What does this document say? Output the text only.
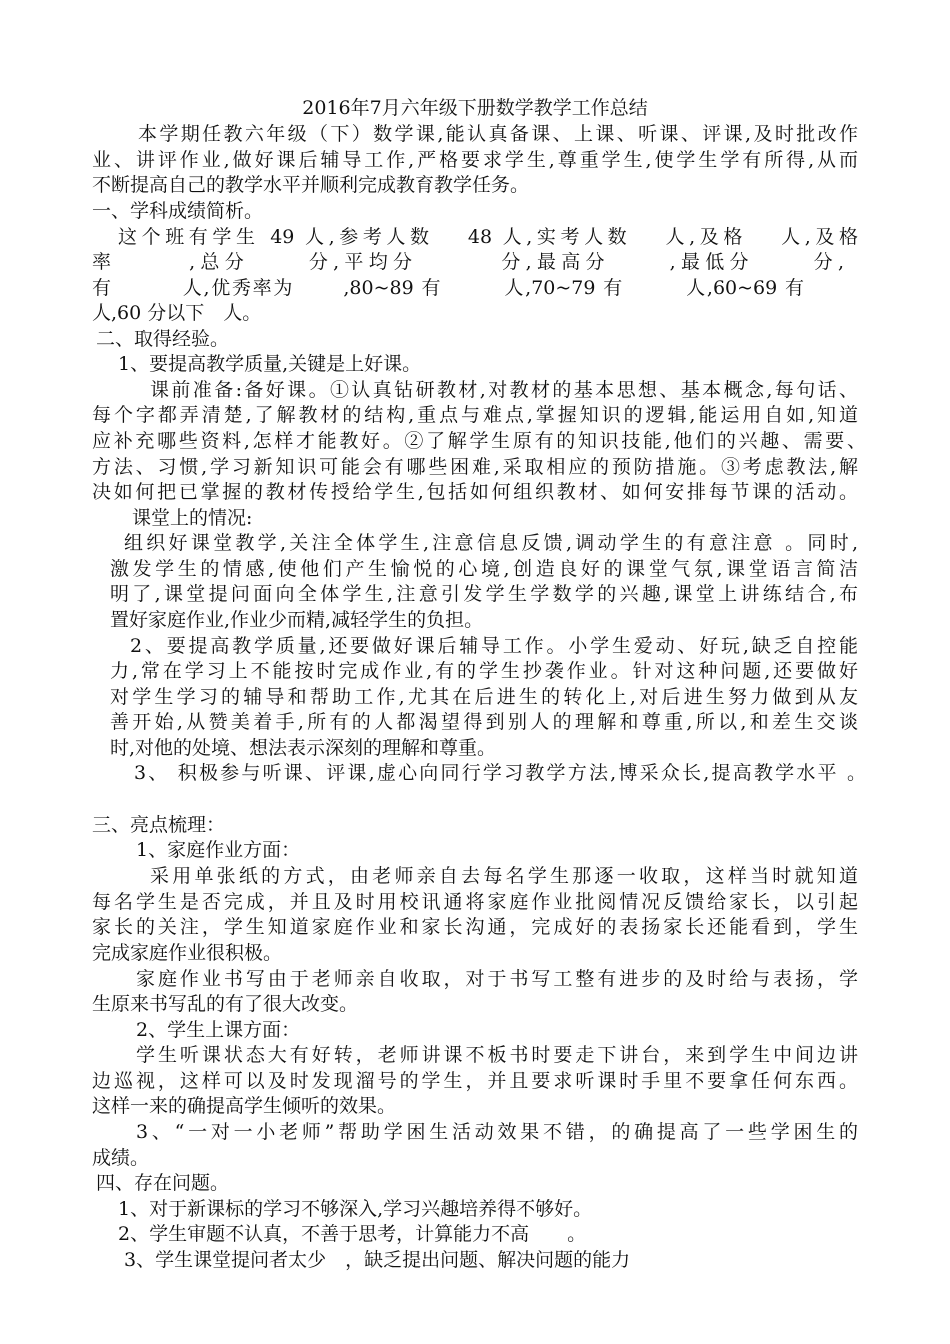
2016年7月六年级下册数学教学工作总结
本学期任教六年级（下）数学课,能认真备课、上课、听课、评课,及时批改作
业、讲评作业,做好课后辅导工作,严格要求学生,尊重学生,使学生学有所得,从而
不断提高自己的教学水平并顺利完成教育教学任务。
一、学科成绩简析。
这个班有学生 49 人,参考人数　 48 人,实考人数　 人,及格　 人,及格
率　　　,总分　　 分,平均分　　　 分,最高分　　 ,最低分　　 分,
有　　　 人,优秀率为　　 ,80~89 有　　　人,70~79 有　　　人,60~69 有
人,60 分以下　人。
二、取得经验。
1、要提高教学质量,关键是上好课。
课前准备:备好课。①认真钻研教材,对教材的基本思想、基本概念,每句话、
每个字都弄清楚,了解教材的结构,重点与难点,掌握知识的逻辑,能运用自如,知道
应补充哪些资料,怎样才能教好。②了解学生原有的知识技能,他们的兴趣、需要、
方法、习惯,学习新知识可能会有哪些困难,采取相应的预防措施。③考虑教法,解
决如何把已掌握的教材传授给学生,包括如何组织教材、如何安排每节课的活动。
课堂上的情况:
组织好课堂教学,关注全体学生,注意信息反馈,调动学生的有意注意 。同时,
激发学生的情感,使他们产生愉悦的心境,创造良好的课堂气氛,课堂语言简洁
明了,课堂提问面向全体学生,注意引发学生学数学的兴趣,课堂上讲练结合,布
置好家庭作业,作业少而精,减轻学生的负担。
2、要提高教学质量,还要做好课后辅导工作。小学生爱动、好玩,缺乏自控能
力,常在学习上不能按时完成作业,有的学生抄袭作业。针对这种问题,还要做好
对学生学习的辅导和帮助工作,尤其在后进生的转化上,对后进生努力做到从友
善开始,从赞美着手,所有的人都渴望得到别人的理解和尊重,所以,和差生交谈
时,对他的处境、想法表示深刻的理解和尊重。
3、 积极参与听课、评课,虚心向同行学习教学方法,博采众长,提高教学水平 。
三、亮点梳理：
1、家庭作业方面：
采用单张纸的方式，由老师亲自去每名学生那逐一收取，这样当时就知道
每名学生是否完成，并且及时用校讯通将家庭作业批阅情况反馈给家长，以引起
家长的关注，学生知道家庭作业和家长沟通，完成好的表扬家长还能看到，学生
完成家庭作业很积极。
家庭作业书写由于老师亲自收取，对于书写工整有进步的及时给与表扬，学
生原来书写乱的有了很大改变。
2、学生上课方面：
学生听课状态大有好转，老师讲课不板书时要走下讲台，来到学生中间边讲
边巡视，这样可以及时发现溜号的学生，并且要求听课时手里不要拿任何东西。
这样一来的确提高学生倾听的效果。
3、“一对一小老师”帮助学困生活动效果不错，的确提高了一些学困生的
成绩。
四、存在问题。
1、对于新课标的学习不够深入,学习兴趣培养得不够好。
2、学生审题不认真，不善于思考，计算能力不高　　。
3、学生课堂提问者太少　，缺乏提出问题、解决问题的能力
